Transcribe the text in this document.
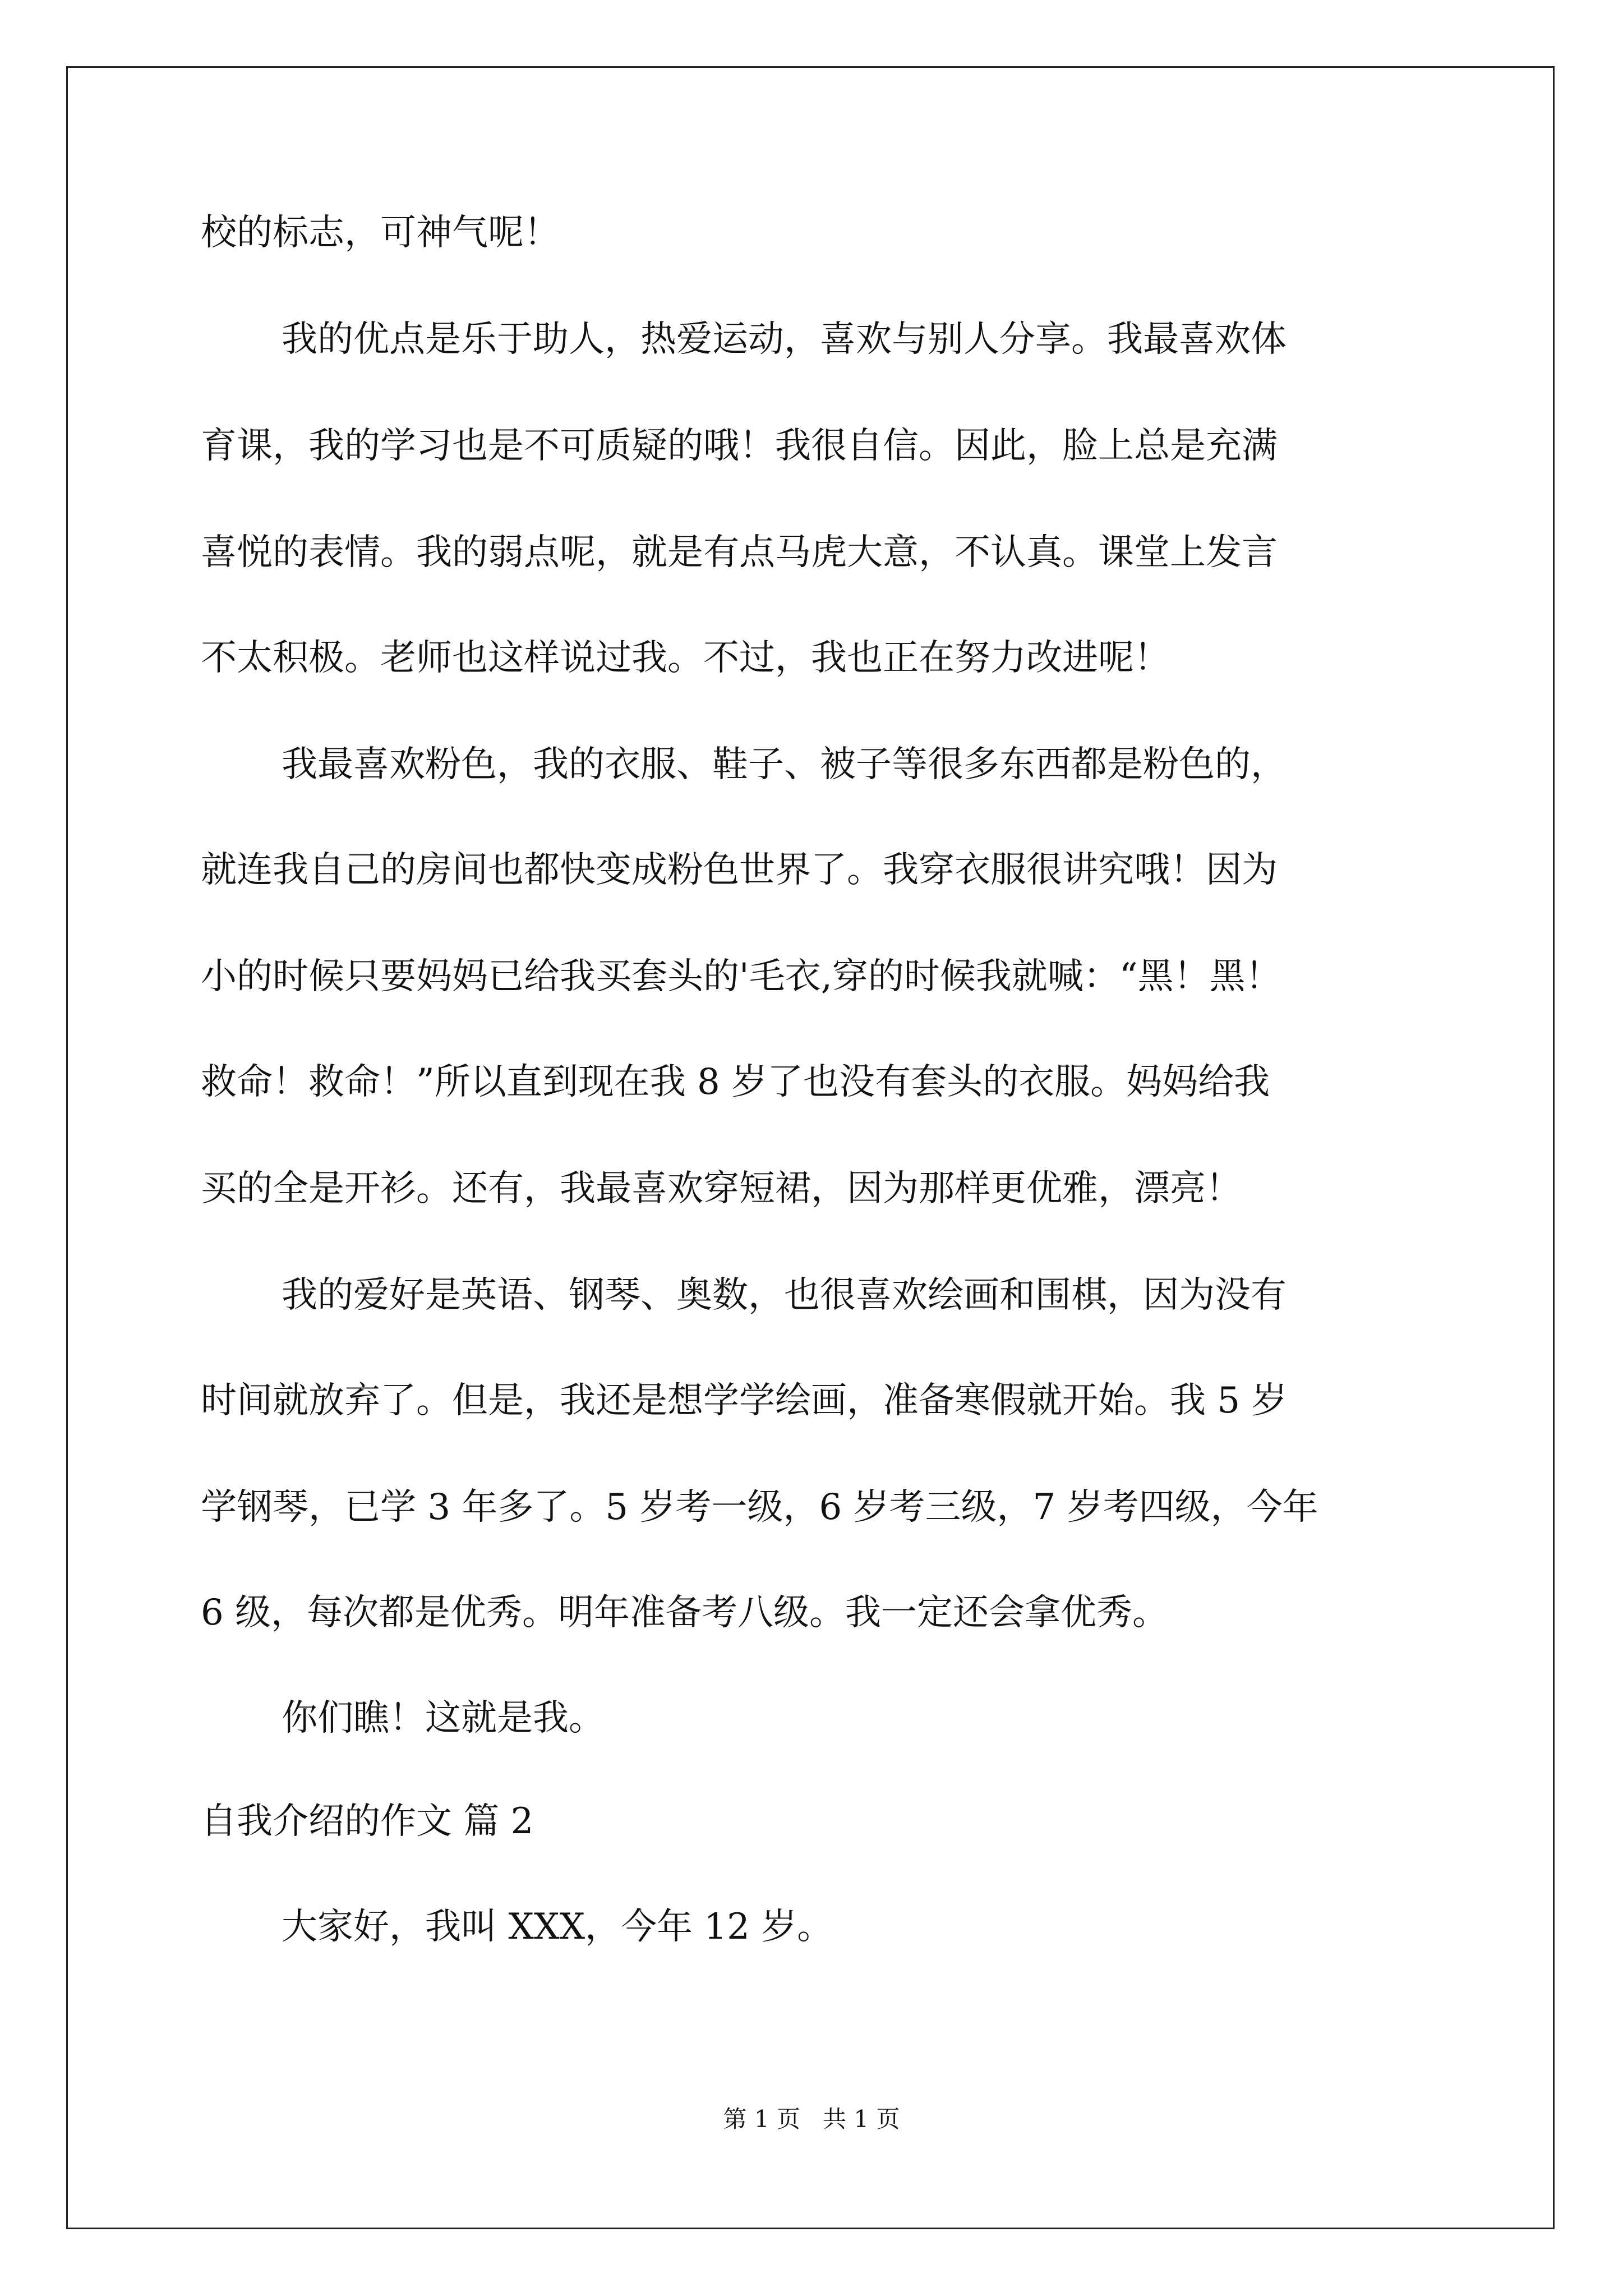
校的标志，可神气呢！
我的优点是乐于助人，热爱运动，喜欢与别人分享。我最喜欢体
育课，我的学习也是不可质疑的哦！我很自信。因此，脸上总是充满
喜悦的表情。我的弱点呢，就是有点马虎大意，不认真。课堂上发言
不太积极。老师也这样说过我。不过，我也正在努力改进呢！
我最喜欢粉色，我的衣服、鞋子、被子等很多东西都是粉色的，
就连我自己的房间也都快变成粉色世界了。我穿衣服很讲究哦！因为
小的时候只要妈妈已给我买套头的'毛衣,穿的时候我就喊：“黑！黑！
救命！救命！”所以直到现在我 8 岁了也没有套头的衣服。妈妈给我
买的全是开衫。还有，我最喜欢穿短裙，因为那样更优雅，漂亮！
我的爱好是英语、钢琴、奥数，也很喜欢绘画和围棋，因为没有
时间就放弃了。但是，我还是想学学绘画，准备寒假就开始。我 5 岁
学钢琴，已学 3 年多了。5 岁考一级，6 岁考三级，7 岁考四级，今年
6 级，每次都是优秀。明年准备考八级。我一定还会拿优秀。
你们瞧！这就是我。
自我介绍的作文 篇 2
大家好，我叫 XXX，今年 12 岁。
第 1 页   共 1 页
